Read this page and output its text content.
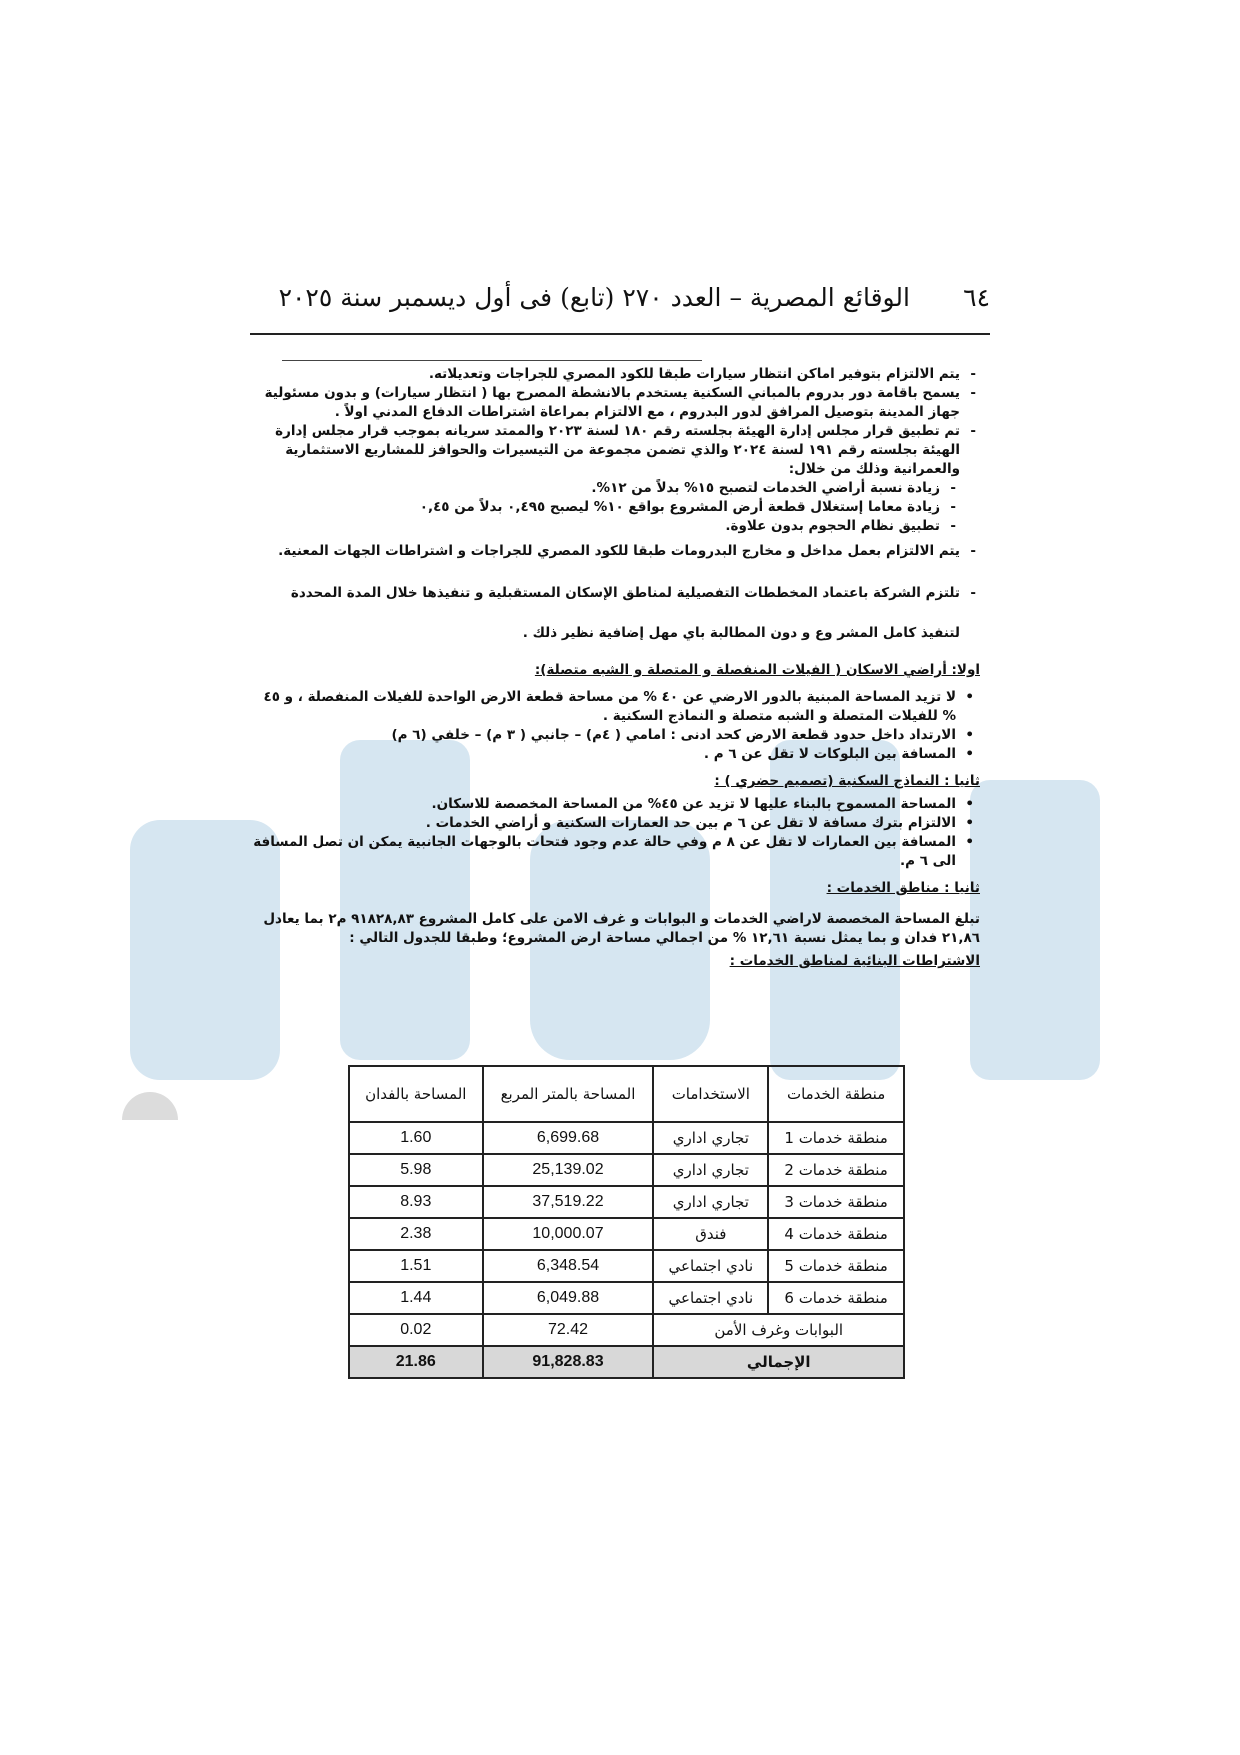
٦٤
الوقائع المصرية – العدد ٢٧٠ (تابع) فى أول ديسمبر سنة ٢٠٢٥

- يتم الالتزام بتوفير اماكن انتظار سيارات طبقا للكود المصري للجراجات وتعديلاته.

- يسمح باقامة دور بدروم بالمباني السكنية يستخدم بالانشطة المصرح بها ( انتظار سيارات) و بدون مسئولية جهاز المدينة بتوصيل المرافق لدور البدروم ، مع الالتزام بمراعاة اشتراطات الدفاع المدني اولاً .

- تم تطبيق قرار مجلس إدارة الهيئة بجلسته رقم ١٨٠ لسنة ٢٠٢٣ والممتد سريانه بموجب قرار مجلس إدارة الهيئة بجلسته رقم ١٩١ لسنة ٢٠٢٤ والذي تضمن مجموعة من التيسيرات والحوافز للمشاريع الاستثمارية والعمرانية وذلك من خلال:

- زيادة نسبة أراضي الخدمات لتصبح ١٥% بدلاً من ١٢%.

- زيادة معاما إستغلال قطعة أرض المشروع بواقع ١٠% ليصبح ٠,٤٩٥ بدلاً من ٠,٤٥

- تطبيق نظام الحجوم بدون علاوة.

- يتم الالتزام بعمل مداخل و مخارج البدرومات طبقا للكود المصري للجراجات و اشتراطات الجهات المعنية.

- تلتزم الشركة باعتماد المخططات التفصيلية لمناطق الإسكان المستقبلية و تنفيذها خلال المدة المحددة لتنفيذ كامل المشر وع و دون المطالبة باي مهل إضافية نظير ذلك .

اولا: أراضي الاسكان ( الفيلات المنفصلة و المتصلة و الشبه متصلة):

• لا تزيد المساحة المبنية بالدور الارضي عن ٤٠ % من مساحة قطعة الارض الواحدة للفيلات المنفصلة ، و ٤٥ % للفيلات المتصلة و الشبه متصلة و النماذج السكنية .

• الارتداد داخل حدود قطعة الارض كحد ادنى : امامي ( ٤م) – جانبي ( ٣ م) – خلفي (٦ م)

• المسافة بين البلوكات لا تقل عن ٦ م .

ثانيا : النماذج السكنية (تصميم حضري ) :

• المساحة المسموح بالبناء عليها لا تزيد عن ٤٥% من المساحة المخصصة للاسكان.

• الالتزام بترك مسافة لا تقل عن ٦ م بين حد العمارات السكنية و أراضي الخدمات .

• المسافة بين العمارات لا تقل عن ٨ م وفي حالة عدم وجود فتحات بالوجهات الجانبية يمكن ان تصل المسافة الى ٦ م.

ثانيا : مناطق الخدمات :

تبلغ المساحة المخصصة لاراضي الخدمات و البوابات و غرف الامن على كامل المشروع ٩١٨٢٨,٨٣ م٢ بما يعادل ٢١,٨٦ فدان و بما يمثل نسبة ١٢,٦١ % من اجمالي مساحة ارض المشروع؛ وطبقا للجدول التالي :

الاشتراطات البنائية لمناطق الخدمات :

منطقة الخدمات	الاستخدامات	المساحة بالمتر المربع	المساحة بالفدان
منطقة خدمات 1	تجاري اداري	6,699.68	1.60
منطقة خدمات 2	تجاري اداري	25,139.02	5.98
منطقة خدمات 3	تجاري اداري	37,519.22	8.93
منطقة خدمات 4	فندق	10,000.07	2.38
منطقة خدمات 5	نادي اجتماعي	6,348.54	1.51
منطقة خدمات 6	نادي اجتماعي	6,049.88	1.44
البوابات وغرف الأمن		72.42	0.02
الإجمالي		91,828.83	21.86
